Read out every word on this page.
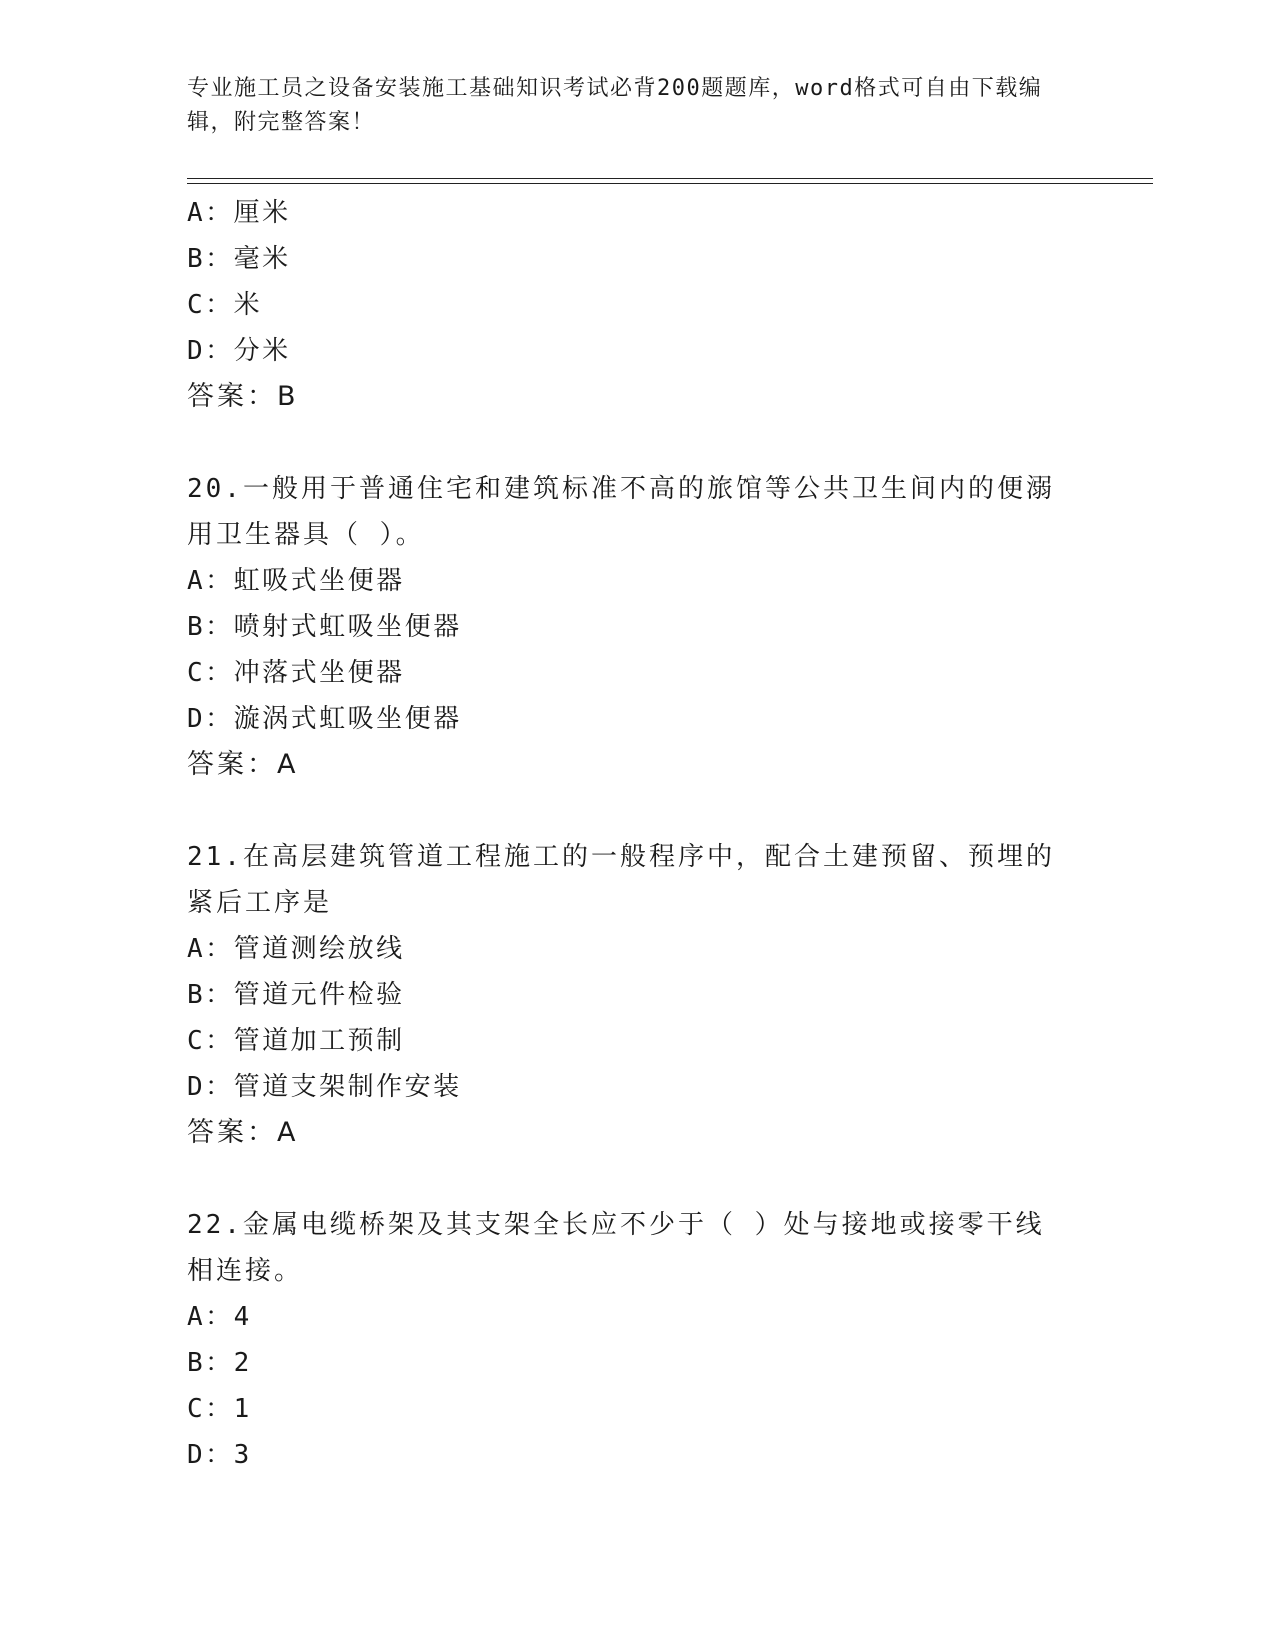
专业施工员之设备安装施工基础知识考试必背200题题库，word格式可自由下载编辑，附完整答案！
A：厘米
B：毫米
C：米
D：分米
答案：B
20.一般用于普通住宅和建筑标准不高的旅馆等公共卫生间内的便溺用卫生器具（ ）。
A：虹吸式坐便器
B：喷射式虹吸坐便器
C：冲落式坐便器
D：漩涡式虹吸坐便器
答案：A
21.在高层建筑管道工程施工的一般程序中，配合土建预留、预埋的紧后工序是
A：管道测绘放线
B：管道元件检验
C：管道加工预制
D：管道支架制作安装
答案：A
22.金属电缆桥架及其支架全长应不少于（ ）处与接地或接零干线相连接。
A：4
B：2
C：1
D：3
